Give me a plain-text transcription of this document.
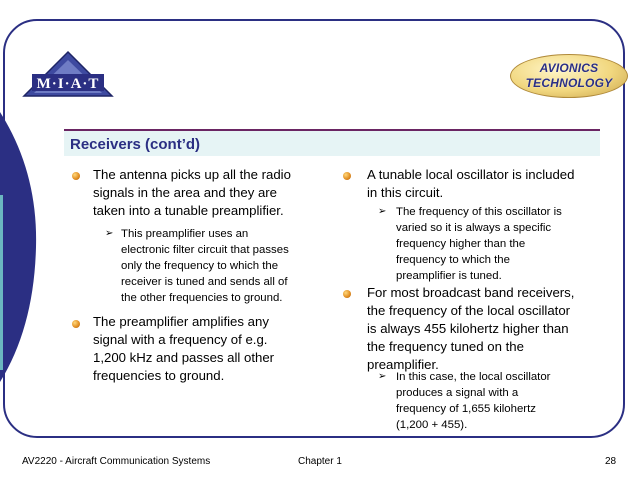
M·I·A·T
AVIONICS
TECHNOLOGY
Receivers (cont’d)
The antenna picks up all the radio
signals in the area and they are
taken into a tunable preamplifier.
➢ This preamplifier uses an
electronic filter circuit that passes
only the frequency to which the
receiver is tuned and sends all of
the other frequencies to ground.
The preamplifier amplifies any
signal with a frequency of e.g.
1,200 kHz and passes all other
frequencies to ground.
A tunable local oscillator is included
in this circuit.
➢ The frequency of this oscillator is
varied so it is always a specific
frequency higher than the
frequency to which the
preamplifier is tuned.
For most broadcast band receivers,
the frequency of the local oscillator
is always 455 kilohertz higher than
the frequency tuned on the
preamplifier.
➢ In this case, the local oscillator
produces a signal with a
frequency of 1,655 kilohertz
(1,200 + 455).
AV2220 - Aircraft Communication Systems	Chapter 1	28
